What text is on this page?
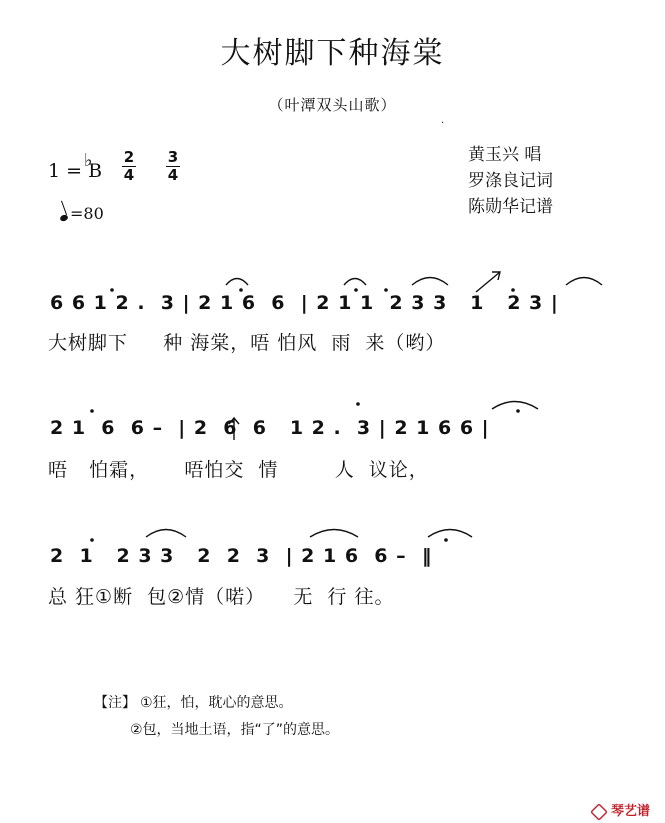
大树脚下种海棠
（叶潭双头山歌）
·
1 = ♭
B
2
4
3
4
=80
黄玉兴 唱
罗涤良记词
陈勋华记谱
6 6 1 2 .  3 | 2 1 6  6  | 2 1 1  2 3 3   1   2 3 |
大树脚下     种 海棠，唔 怕风  雨  来（哟）
2 1  6  6 –  | 2  6  6   1 2 .  3 | 2 1 6 6 |
唔   怕霜，     唔怕交  情        人  议论，
2  1   2 3 3   2  2  3  | 2 1 6  6 –  ‖
总 狂①断  包②情（喏）    无  行 往。
【注】 ①狂，怕，耽心的意思。
②包，当地土语，指“了”的意思。
琴艺谱
